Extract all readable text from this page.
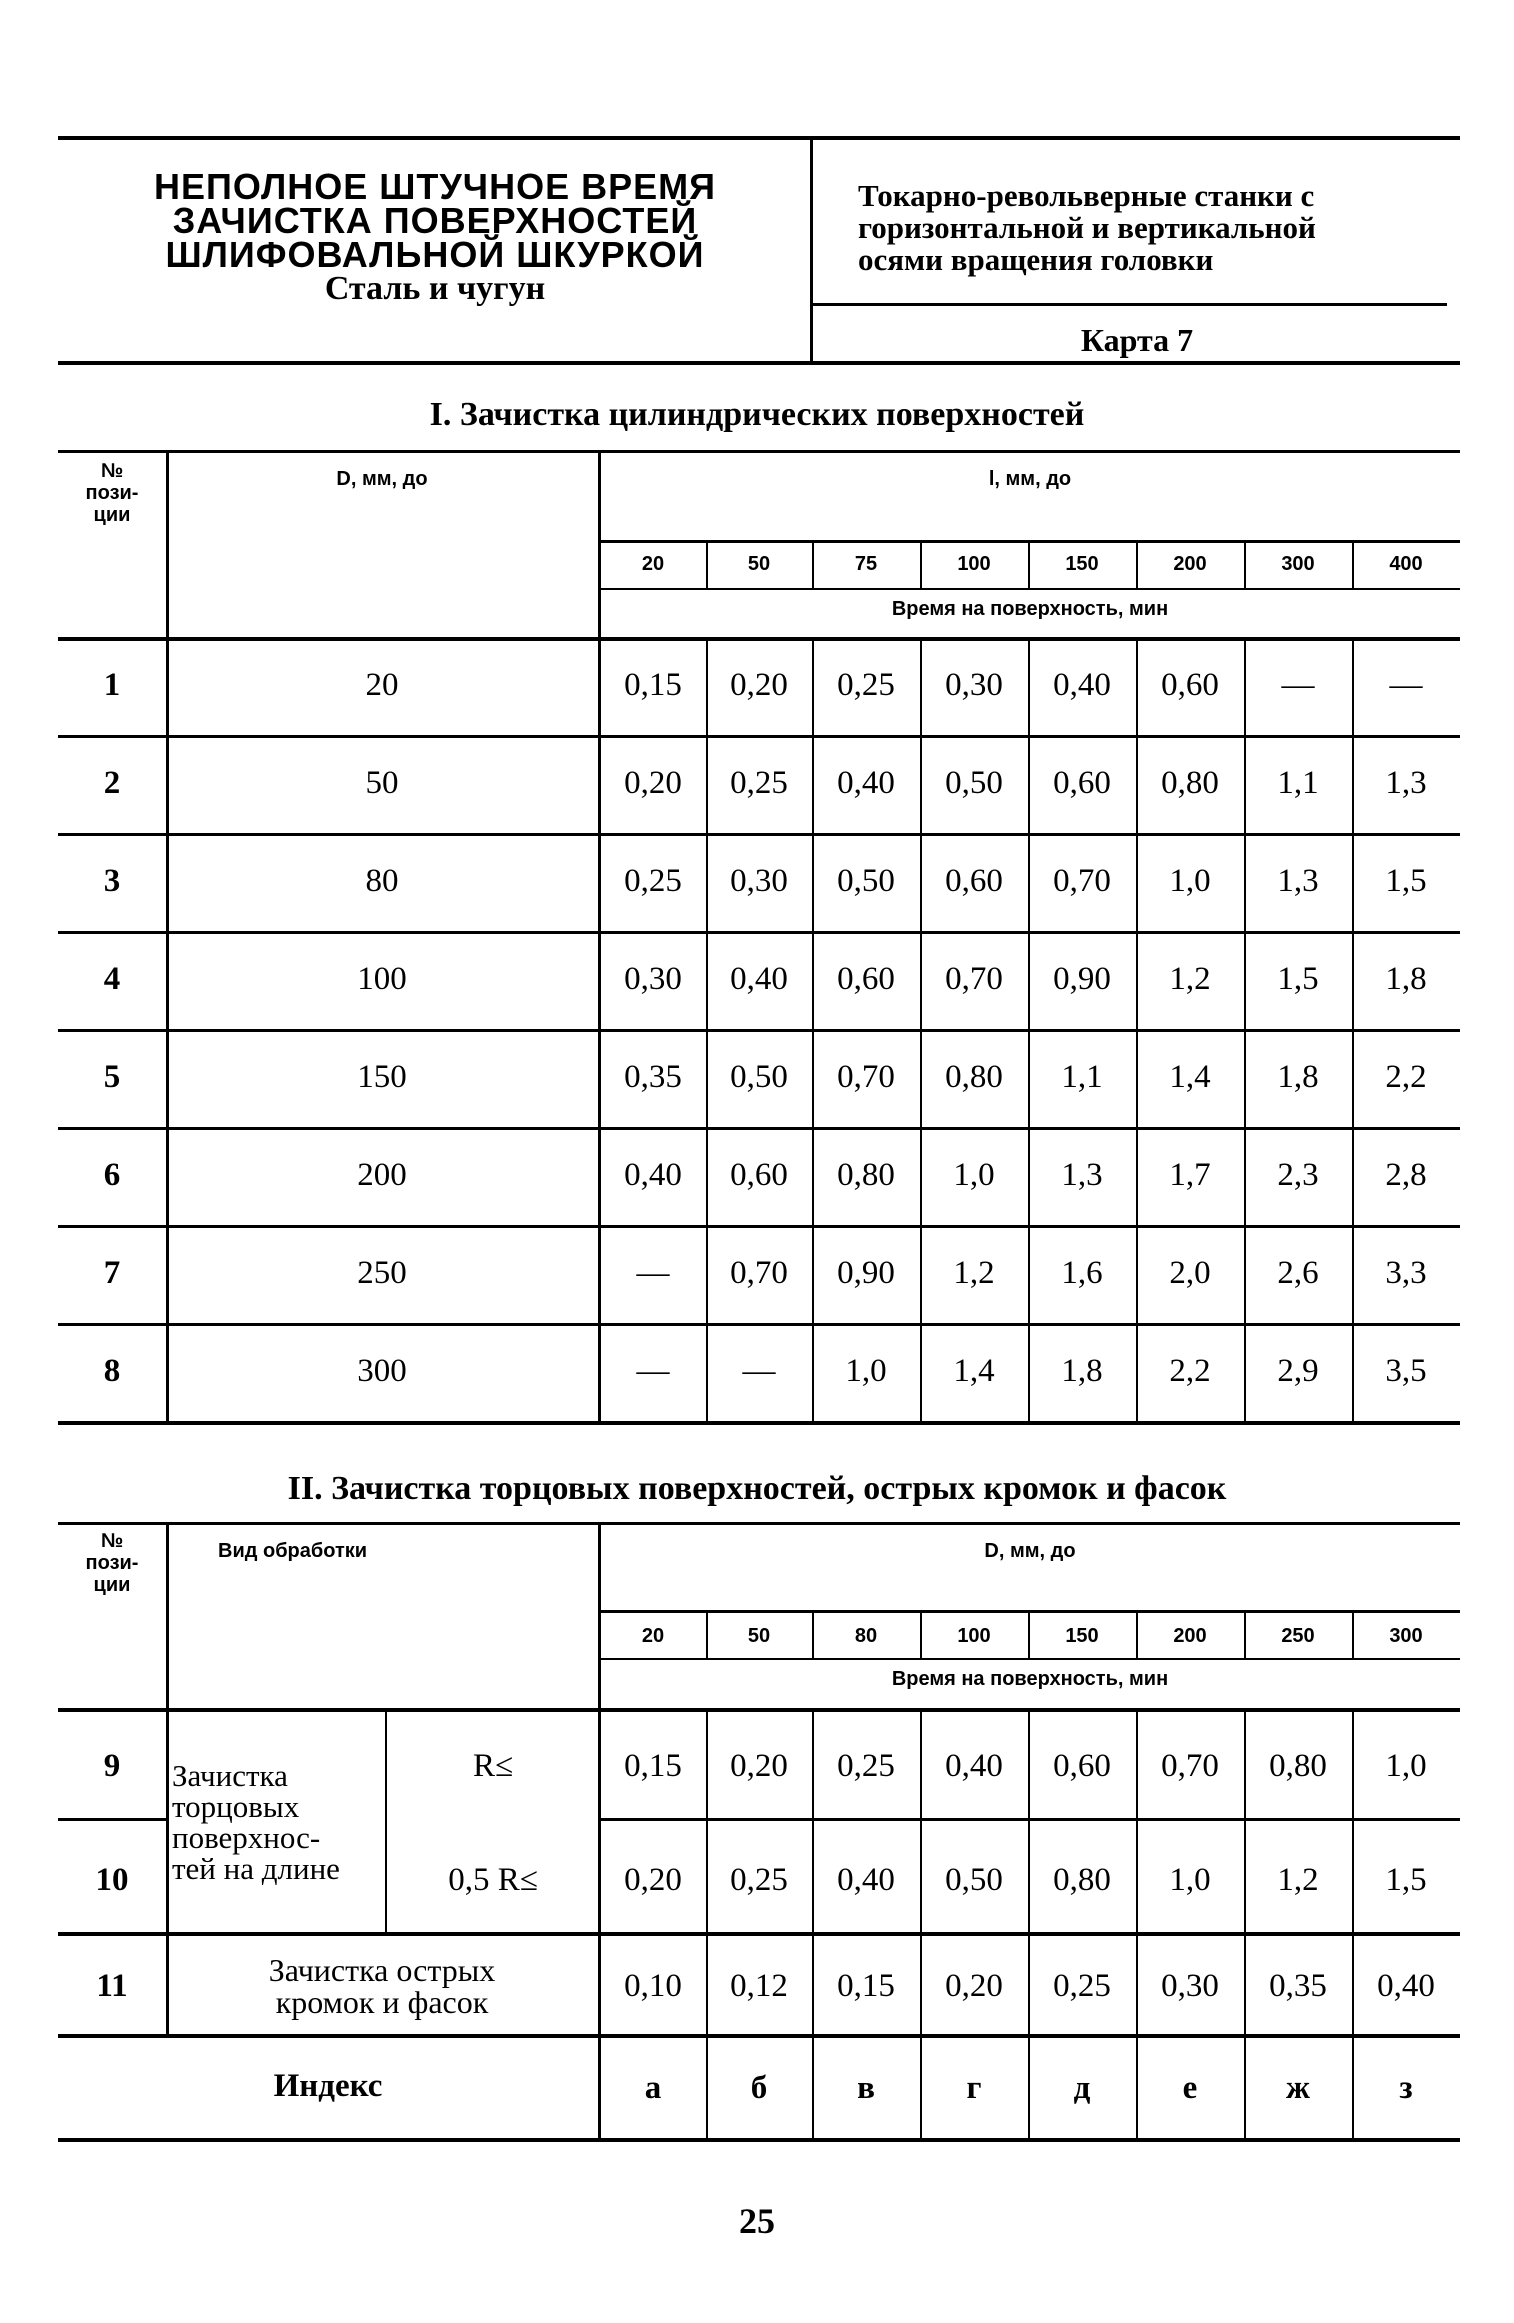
НЕПОЛНОЕ ШТУЧНОЕ ВРЕМЯ
ЗАЧИСТКА ПОВЕРХНОСТЕЙ
ШЛИФОВАЛЬНОЙ ШКУРКОЙ
Сталь и чугун
Токарно-револьверные станки с
горизонтальной и вертикальной
осями вращения головки
Карта 7
I. Зачистка цилиндрических поверхностей
№
пози-
ции
D, мм, до	l, мм, до
20	50	75	100	150	200	300	400
Время на поверхность, мин
1	20	0,15	0,20	0,25	0,30	0,40	0,60	—	—
2	50	0,20	0,25	0,40	0,50	0,60	0,80	1,1	1,3
3	80	0,25	0,30	0,50	0,60	0,70	1,0	1,3	1,5
4	100	0,30	0,40	0,60	0,70	0,90	1,2	1,5	1,8
5	150	0,35	0,50	0,70	0,80	1,1	1,4	1,8	2,2
6	200	0,40	0,60	0,80	1,0	1,3	1,7	2,3	2,8
7	250	—	0,70	0,90	1,2	1,6	2,0	2,6	3,3
8	300	—	—	1,0	1,4	1,8	2,2	2,9	3,5
II. Зачистка торцовых поверхностей, острых кромок и фасок
№
пози-
ции
Вид обработки	D, мм, до
20	50	80	100	150	200	250	300
Время на поверхность, мин
Зачистка
торцовых
поверхнос-
тей на длине
9	R≤	0,15	0,20	0,25	0,40	0,60	0,70	0,80	1,0
10	0,5 R≤	0,20	0,25	0,40	0,50	0,80	1,0	1,2	1,5
11	Зачистка острых
кромок и фасок	0,10	0,12	0,15	0,20	0,25	0,30	0,35	0,40
Индекс	а	б	в	г	д	е	ж	з
25
